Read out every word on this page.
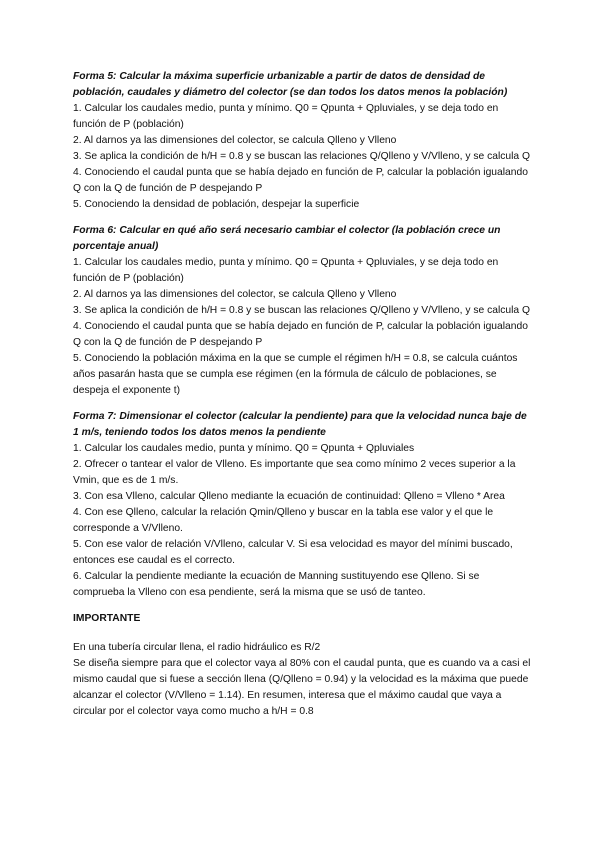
Forma 5: Calcular la máxima superficie urbanizable a partir de datos de densidad de población, caudales y diámetro del colector (se dan todos los datos menos la población)

1. Calcular los caudales medio, punta y mínimo. Q0 = Qpunta + Qpluviales, y se deja todo en función de P (población)

2. Al darnos ya las dimensiones del colector, se calcula Qlleno y Vlleno

3. Se aplica la condición de h/H = 0.8 y se buscan las relaciones Q/Qlleno y V/Vlleno, y se calcula Q

4. Conociendo el caudal punta que se había dejado en función de P, calcular la población igualando Q con la Q de función de P despejando P

5. Conociendo la densidad de población, despejar la superficie

Forma 6: Calcular en qué año será necesario cambiar el colector (la población crece un porcentaje anual)

1. Calcular los caudales medio, punta y mínimo. Q0 = Qpunta + Qpluviales, y se deja todo en función de P (población)

2. Al darnos ya las dimensiones del colector, se calcula Qlleno y Vlleno

3. Se aplica la condición de h/H = 0.8 y se buscan las relaciones Q/Qlleno y V/Vlleno, y se calcula Q

4. Conociendo el caudal punta que se había dejado en función de P, calcular la población igualando Q con la Q de función de P despejando P

5. Conociendo la población máxima en la que se cumple el régimen h/H = 0.8, se calcula cuántos años pasarán hasta que se cumpla ese régimen (en la fórmula de cálculo de poblaciones, se despeja el exponente t)

Forma 7: Dimensionar el colector (calcular la pendiente) para que la velocidad nunca baje de 1 m/s, teniendo todos los datos menos la pendiente

1. Calcular los caudales medio, punta y mínimo. Q0 = Qpunta + Qpluviales

2. Ofrecer o tantear el valor de Vlleno. Es importante que sea como mínimo 2 veces superior a la Vmin, que es de 1 m/s.

3. Con esa Vlleno, calcular Qlleno mediante la ecuación de continuidad: Qlleno = Vlleno * Area

4. Con ese Qlleno, calcular la relación Qmin/Qlleno y buscar en la tabla ese valor y el que le corresponde a V/Vlleno.

5. Con ese valor de relación V/Vlleno, calcular V. Si esa velocidad es mayor del mínimi buscado, entonces ese caudal es el correcto.

6. Calcular la pendiente mediante la ecuación de Manning sustituyendo ese Qlleno. Si se comprueba la Vlleno con esa pendiente, será la misma que se usó de tanteo.

IMPORTANTE

En una tubería circular llena, el radio hidráulico es R/2

Se diseña siempre para que el colector vaya al 80% con el caudal punta, que es cuando va a casi el mismo caudal que si fuese a sección llena (Q/Qlleno = 0.94) y la velocidad es la máxima que puede alcanzar el colector (V/Vlleno = 1.14). En resumen, interesa que el máximo caudal que vaya a circular por el colector vaya como mucho a h/H = 0.8
